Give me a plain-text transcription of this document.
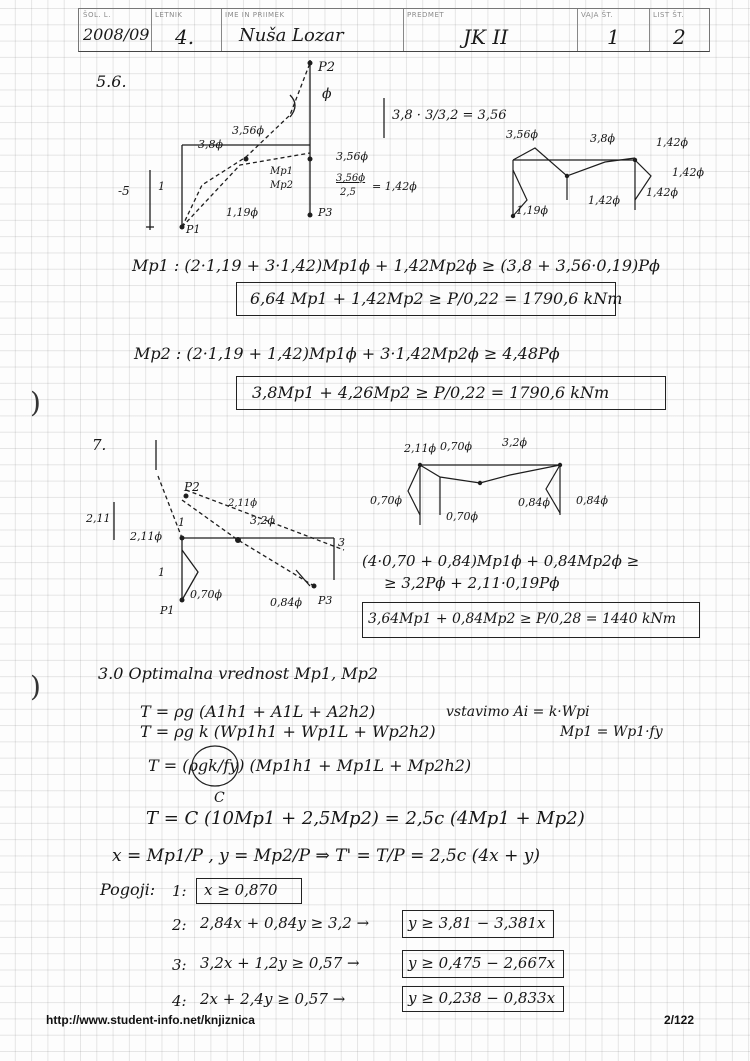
ŠOL. L.
2008/09
LETNIK
4.
IME IN PRIIMEK
Nuša Lozar
PREDMET
JK II
VAJA ŠT.
1
LIST ŠT.
2
)
)
5.6.
P2
ϕ
3,56ϕ
3,8ϕ
3,56ϕ
Mp1
Mp2
3,56ϕ
2,5 = 1,42ϕ
-5	1
1,19ϕ
P1
P3
3,8 · 3/3,2 = 3,56
3,56ϕ	3,8ϕ	1,42ϕ
1,42ϕ
1,19ϕ
1,42ϕ
1,42ϕ
Mp1 : (2·1,19 + 3·1,42)Mp1ϕ + 1,42Mp2ϕ ≥ (3,8 + 3,56·0,19)Pϕ
6,64 Mp1 + 1,42Mp2 ≥ P/0,22 = 1790,6 kNm
Mp2 : (2·1,19 + 1,42)Mp1ϕ + 3·1,42Mp2ϕ ≥ 4,48Pϕ
3,8Mp1 + 4,26Mp2 ≥ P/0,22 = 1790,6 kNm
7.
P2
2,11ϕ
3,2ϕ
2,11ϕ
2,11	1
3
0,70ϕ
0,84ϕ
P1
P3
1
2,11ϕ 0,70ϕ	3,2ϕ
0,70ϕ
0,70ϕ
0,84ϕ 0,84ϕ
(4·0,70 + 0,84)Mp1ϕ + 0,84Mp2ϕ ≥
≥ 3,2Pϕ + 2,11·0,19Pϕ
3,64Mp1 + 0,84Mp2 ≥ P/0,28 = 1440 kNm
3.0 Optimalna vrednost Mp1, Mp2
T = ρg (A1h1 + A1L + A2h2)	vstavimo Ai = k·Wpi
T = ρg k (Wp1h1 + Wp1L + Wp2h2)	Mp1 = Wp1·fy
T = (ρgk/fy) (Mp1h1 + Mp1L + Mp2h2)
C
T = C (10Mp1 + 2,5Mp2) = 2,5c (4Mp1 + Mp2)
x = Mp1/P , y = Mp2/P ⇒ T' = T/P = 2,5c (4x + y)
Pogoji: 1: x ≥ 0,870
2: 2,84x + 0,84y ≥ 3,2 →	y ≥ 3,81 − 3,381x
3: 3,2x + 1,2y ≥ 0,57 →	y ≥ 0,475 − 2,667x
4: 2x + 2,4y ≥ 0,57 →	y ≥ 0,238 − 0,833x
http://www.student-info.net/knjiznica	2/122
